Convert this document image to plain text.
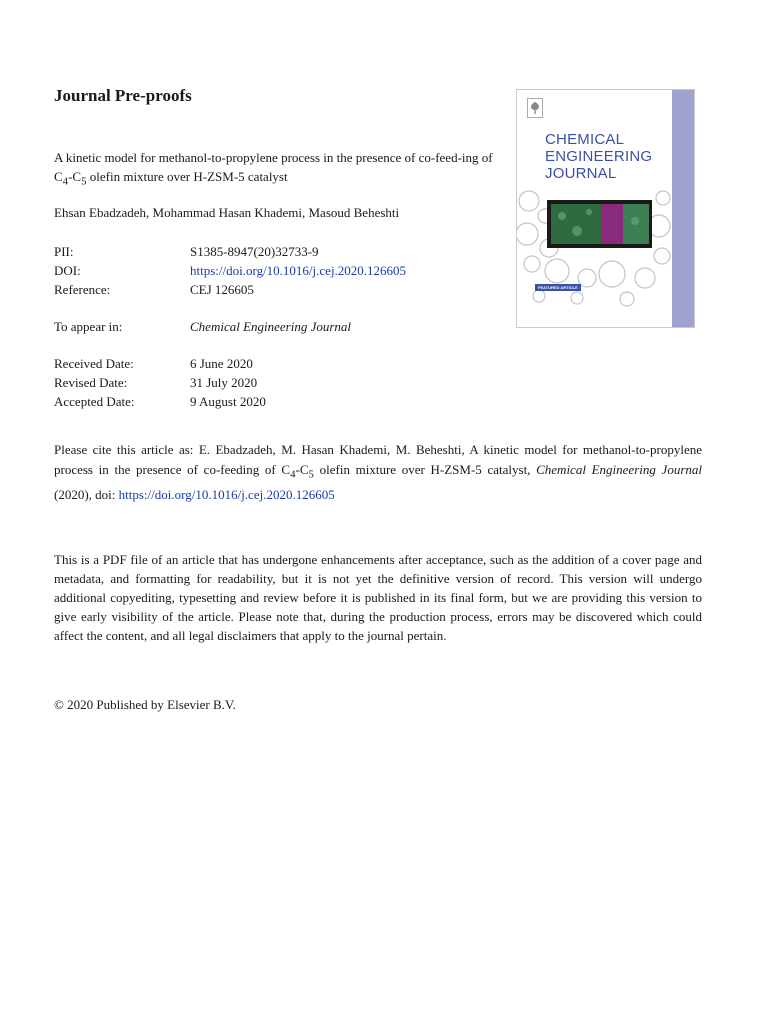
Journal Pre-proofs
A kinetic model for methanol-to-propylene process in the presence of co-feed-ing of $C_4-C_5$ olefin mixture over H-ZSM-5 catalyst
Ehsan Ebadzadeh, Mohammad Hasan Khademi, Masoud Beheshti
PII:	S1385-8947(20)32733-9
DOI:	https://doi.org/10.1016/j.cej.2020.126605
Reference:	CEJ 126605
To appear in:	Chemical Engineering Journal
Received Date:	6 June 2020
Revised Date:	31 July 2020
Accepted Date:	9 August 2020
Please cite this article as: E. Ebadzadeh, M. Hasan Khademi, M. Beheshti, A kinetic model for methanol-to-propylene process in the presence of co-feeding of $C_4-C_5$ olefin mixture over H-ZSM-5 catalyst, Chemical Engineering Journal (2020), doi: https://doi.org/10.1016/j.cej.2020.126605
This is a PDF file of an article that has undergone enhancements after acceptance, such as the addition of a cover page and metadata, and formatting for readability, but it is not yet the definitive version of record. This version will undergo additional copyediting, typesetting and review before it is published in its final form, but we are providing this version to give early visibility of the article. Please note that, during the production process, errors may be discovered which could affect the content, and all legal disclaimers that apply to the journal pertain.
© 2020 Published by Elsevier B.V.
CHEMICAL
ENGINEERING
JOURNAL
FEATURED ARTICLE
